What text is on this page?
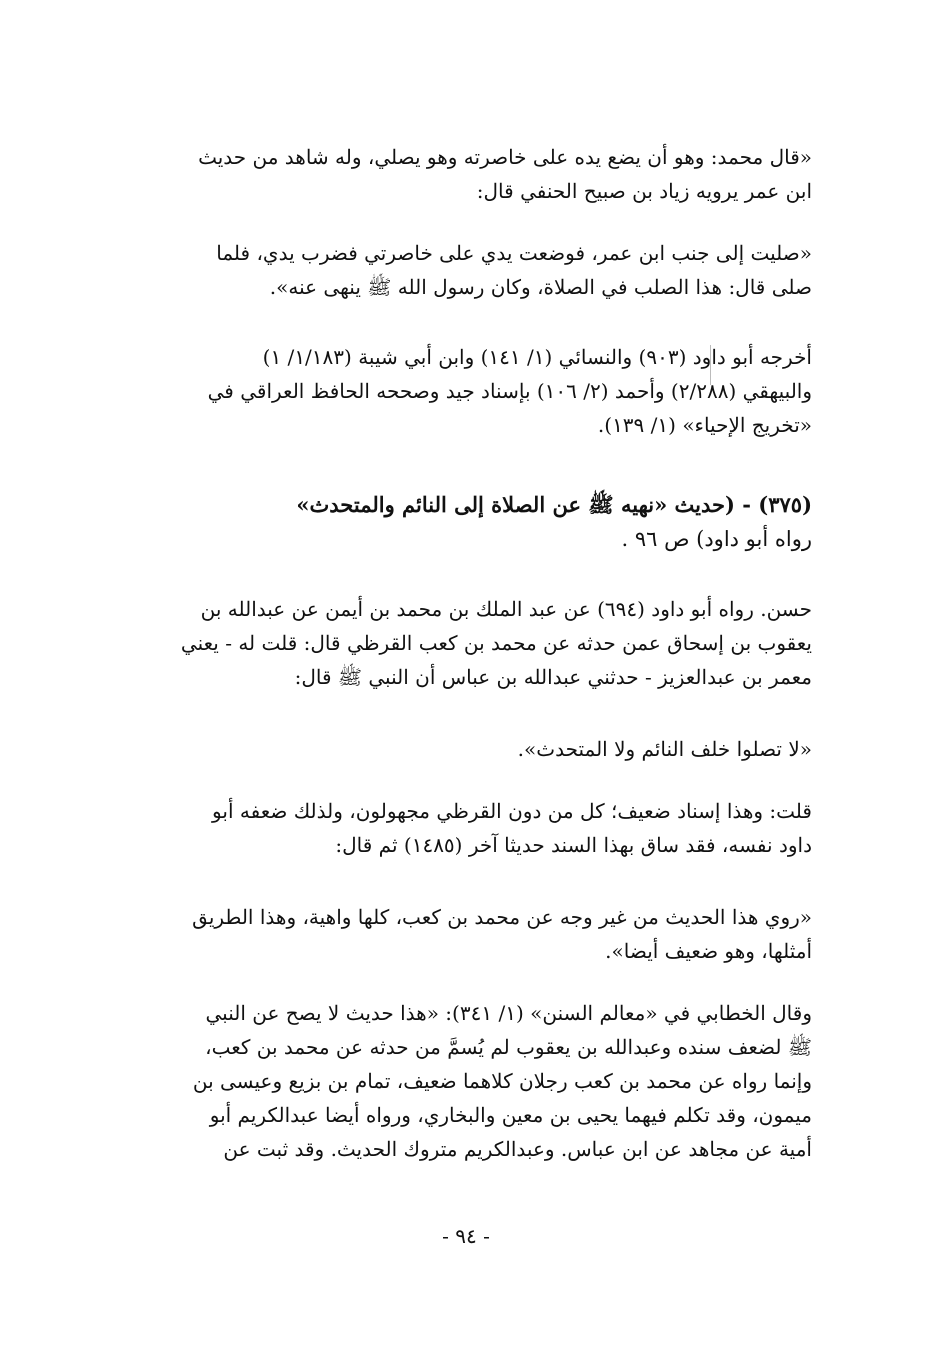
«قال محمد: وهو أن يضع يده على خاصرته وهو يصلي، وله شاهد من حديث
ابن عمر يرويه زياد بن صبيح الحنفي قال:
«صليت إلى جنب ابن عمر، فوضعت يدي على خاصرتي فضرب يدي، فلما
صلى قال: هذا الصلب في الصلاة، وكان رسول الله ﷺ ينهى عنه».
أخرجه أبو داود (٩٠٣) والنسائي (١/ ١٤١) وابن أبي شيبة (١/١٨٣/ ١)
والبيهقي (٢/٢٨٨) وأحمد (٢/ ١٠٦) بإسناد جيد وصححه الحافظ العراقي في
«تخريج الإحياء» (١/ ١٣٩).
(٣٧٥) - (حديث «نهيه ﷺ عن الصلاة إلى النائم والمتحدث»
رواه أبو داود) ص ٩٦ .
حسن. رواه أبو داود (٦٩٤) عن عبد الملك بن محمد بن أيمن عن عبدالله بن
يعقوب بن إسحاق عمن حدثه عن محمد بن كعب القرظي قال: قلت له - يعني
معمر بن عبدالعزيز - حدثني عبدالله بن عباس أن النبي ﷺ قال:
«لا تصلوا خلف النائم ولا المتحدث».
قلت: وهذا إسناد ضعيف؛ كل من دون القرظي مجهولون، ولذلك ضعفه أبو
داود نفسه، فقد ساق بهذا السند حديثا آخر (١٤٨٥) ثم قال:
«روي هذا الحديث من غير وجه عن محمد بن كعب، كلها واهية، وهذا الطريق
أمثلها، وهو ضعيف أيضا».
وقال الخطابي في «معالم السنن» (١/ ٣٤١): «هذا حديث لا يصح عن النبي
ﷺ لضعف سنده وعبدالله بن يعقوب لم يُسمَّ من حدثه عن محمد بن كعب،
وإنما رواه عن محمد بن كعب رجلان كلاهما ضعيف، تمام بن بزيع وعيسى بن
ميمون، وقد تكلم فيهما يحيى بن معين والبخاري، ورواه أيضا عبدالكريم أبو
أمية عن مجاهد عن ابن عباس. وعبدالكريم متروك الحديث. وقد ثبت عن
- ٩٤ -
